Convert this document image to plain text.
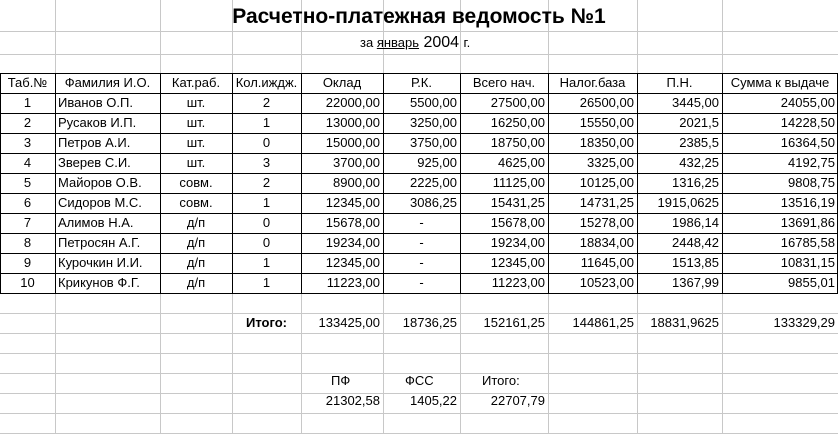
Расчетно-платежная ведомость №1
за январь 2004 г.
Таб.№	Фамилия И.О.	Кат.раб.	Кол.иждж.	Оклад	Р.К.	Всего нач.	Налог.база	П.Н.	Сумма к выдаче
1	Иванов О.П.	шт.	2	22000,00	5500,00	27500,00	26500,00	3445,00	24055,00
2	Русаков И.П.	шт.	1	13000,00	3250,00	16250,00	15550,00	2021,5	14228,50
3	Петров А.И.	шт.	0	15000,00	3750,00	18750,00	18350,00	2385,5	16364,50
4	Зверев С.И.	шт.	3	3700,00	925,00	4625,00	3325,00	432,25	4192,75
5	Майоров О.В.	совм.	2	8900,00	2225,00	11125,00	10125,00	1316,25	9808,75
6	Сидоров М.С.	совм.	1	12345,00	3086,25	15431,25	14731,25	1915,0625	13516,19
7	Алимов Н.А.	д/п	0	15678,00	-	15678,00	15278,00	1986,14	13691,86
8	Петросян А.Г.	д/п	0	19234,00	-	19234,00	18834,00	2448,42	16785,58
9	Курочкин И.И.	д/п	1	12345,00	-	12345,00	11645,00	1513,85	10831,15
10	Крикунов Ф.Г.	д/п	1	11223,00	-	11223,00	10523,00	1367,99	9855,01
Итого:	133425,00	18736,25	152161,25	144861,25	18831,9625	133329,29
ПФ	ФСС	Итого:
21302,58	1405,22	22707,79
